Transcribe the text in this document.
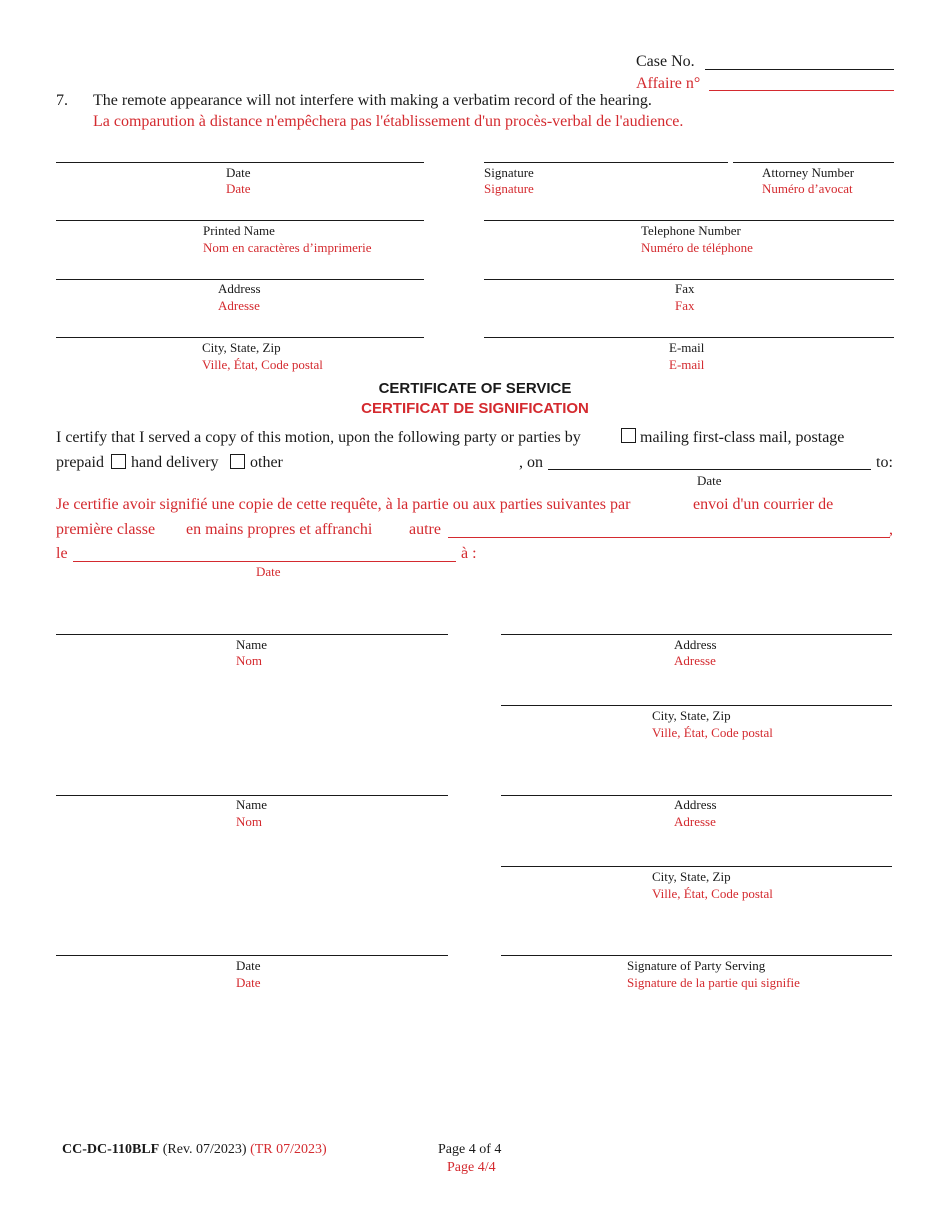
Case No.
Affaire n°
7. The remote appearance will not interfere with making a verbatim record of the hearing.
La comparution à distance n'empêchera pas l'établissement d'un procès-verbal de l'audience.
Date
Date
Signature
Signature
Attorney Number
Numéro d’avocat
Printed Name
Nom en caractères d’imprimerie
Telephone Number
Numéro de téléphone
Address
Adresse
Fax
Fax
City, State, Zip
Ville, État, Code postal
E-mail
E-mail
CERTIFICATE OF SERVICE
CERTIFICAT DE SIGNIFICATION
I certify that I served a copy of this motion, upon the following party or parties by	mailing first-class mail, postage
prepaid hand delivery other	, on	to:
Date
Je certifie avoir signifié une copie de cette requête, à la partie ou aux parties suivantes par	envoi d'un courrier de
première classe en mains propres et affranchi autre	,
le	à :
Date
Name
Nom
Address
Adresse
City, State, Zip
Ville, État, Code postal
Name
Nom
Address
Adresse
City, State, Zip
Ville, État, Code postal
Date
Date
Signature of Party Serving
Signature de la partie qui signifie
CC-DC-110BLF (Rev. 07/2023) (TR 07/2023)	Page 4 of 4
Page 4/4
